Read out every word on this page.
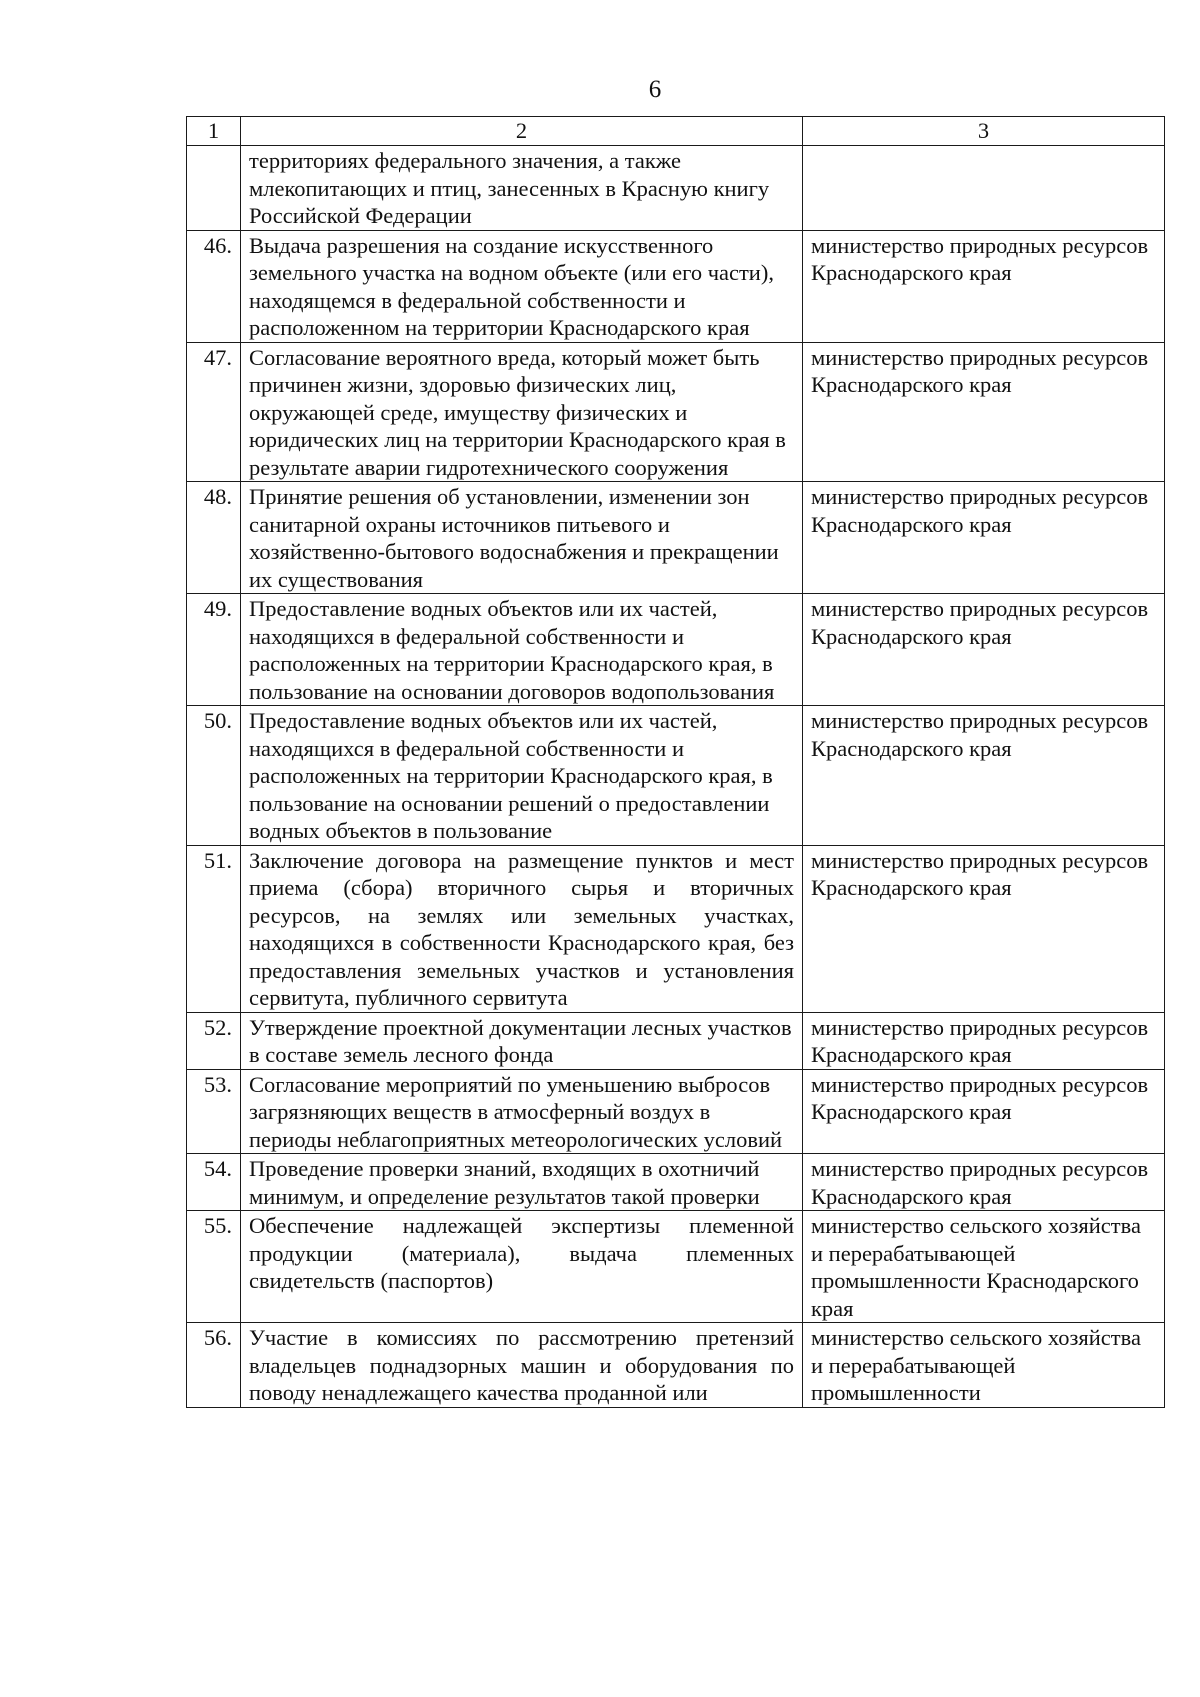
6
1	2	3
	территориях федерального значения, а также млекопитающих и птиц, занесенных в Красную книгу Российской Федерации	
46.	Выдача разрешения на создание искусственного земельного участка на водном объекте (или его части), находящемся в федеральной собственности и расположенном на территории Краснодарского края	министерство природных ресурсов Краснодарского края
47.	Согласование вероятного вреда, который может быть причинен жизни, здоровью физических лиц, окружающей среде, имуществу физических и юридических лиц на территории Краснодарского края в результате аварии гидротехнического сооружения	министерство природных ресурсов Краснодарского края
48.	Принятие решения об установлении, изменении зон санитарной охраны источников питьевого и хозяйственно-бытового водоснабжения и прекращении их существования	министерство природных ресурсов Краснодарского края
49.	Предоставление водных объектов или их частей, находящихся в федеральной собственности и расположенных на территории Краснодарского края, в пользование на основании договоров водопользования	министерство природных ресурсов Краснодарского края
50.	Предоставление водных объектов или их частей, находящихся в федеральной собственности и расположенных на территории Краснодарского края, в пользование на основании решений о предоставлении водных объектов в пользование	министерство природных ресурсов Краснодарского края
51.	Заключение договора на размещение пунктов и мест приема (сбора) вторичного сырья и вторичных ресурсов, на землях или земельных участках, находящихся в собственности Краснодарского края, без предоставления земельных участков и установления сервитута, публичного сервитута	министерство природных ресурсов Краснодарского края
52.	Утверждение проектной документации лесных участков в составе земель лесного фонда	министерство природных ресурсов Краснодарского края
53.	Согласование мероприятий по уменьшению выбросов загрязняющих веществ в атмосферный воздух в периоды неблагоприятных метеорологических условий	министерство природных ресурсов Краснодарского края
54.	Проведение проверки знаний, входящих в охотничий минимум, и определение результатов такой проверки	министерство природных ресурсов Краснодарского края
55.	Обеспечение надлежащей экспертизы племенной продукции (материала), выдача племенных свидетельств (паспортов)	министерство сельского хозяйства и перерабатывающей промышленности Краснодарского края
56.	Участие в комиссиях по рассмотрению претензий владельцев поднадзорных машин и оборудования по поводу ненадлежащего качества проданной или	министерство сельского хозяйства и перерабатывающей промышленности
